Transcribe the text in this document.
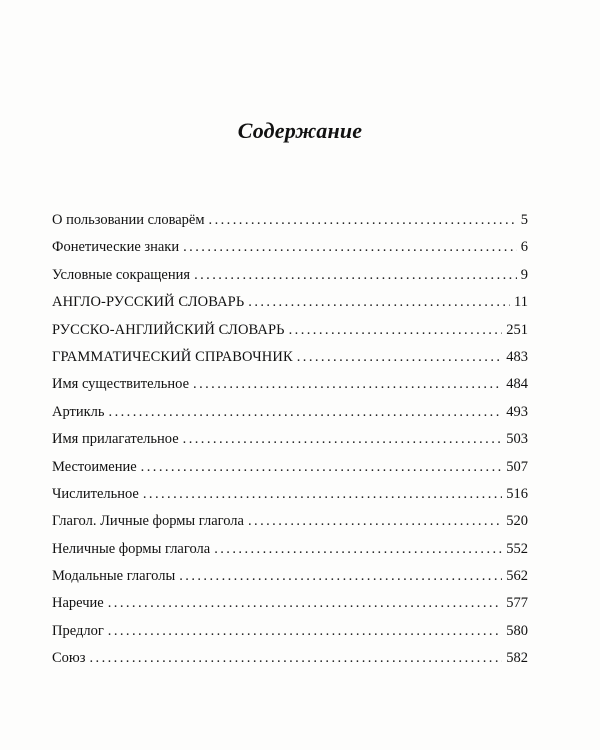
Содержание
О пользовании словарём . . .	5
Фонетические знаки . . .	6
Условные сокращения . . .	9
АНГЛО-РУССКИЙ СЛОВАРЬ . . .	11
РУССКО-АНГЛИЙСКИЙ СЛОВАРЬ . . .	251
ГРАММАТИЧЕСКИЙ СПРАВОЧНИК . . .	483
Имя существительное . . .	484
Артикль . . .	493
Имя прилагательное . . .	503
Местоимение . . .	507
Числительное . . .	516
Глагол. Личные формы глагола . . .	520
Неличные формы глагола . . .	552
Модальные глаголы . . .	562
Наречие . . .	577
Предлог . . .	580
Союз . . .	582
